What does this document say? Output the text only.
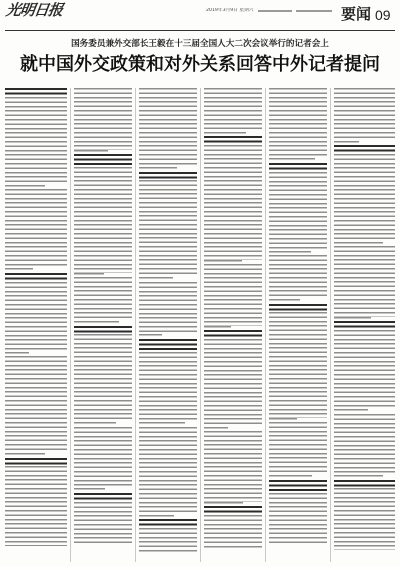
光明日报	2019年3月9日 星期六	要闻 09
国务委员兼外交部长王毅在十三届全国人大二次会议举行的记者会上
就中国外交政策和对外关系回答中外记者提问
